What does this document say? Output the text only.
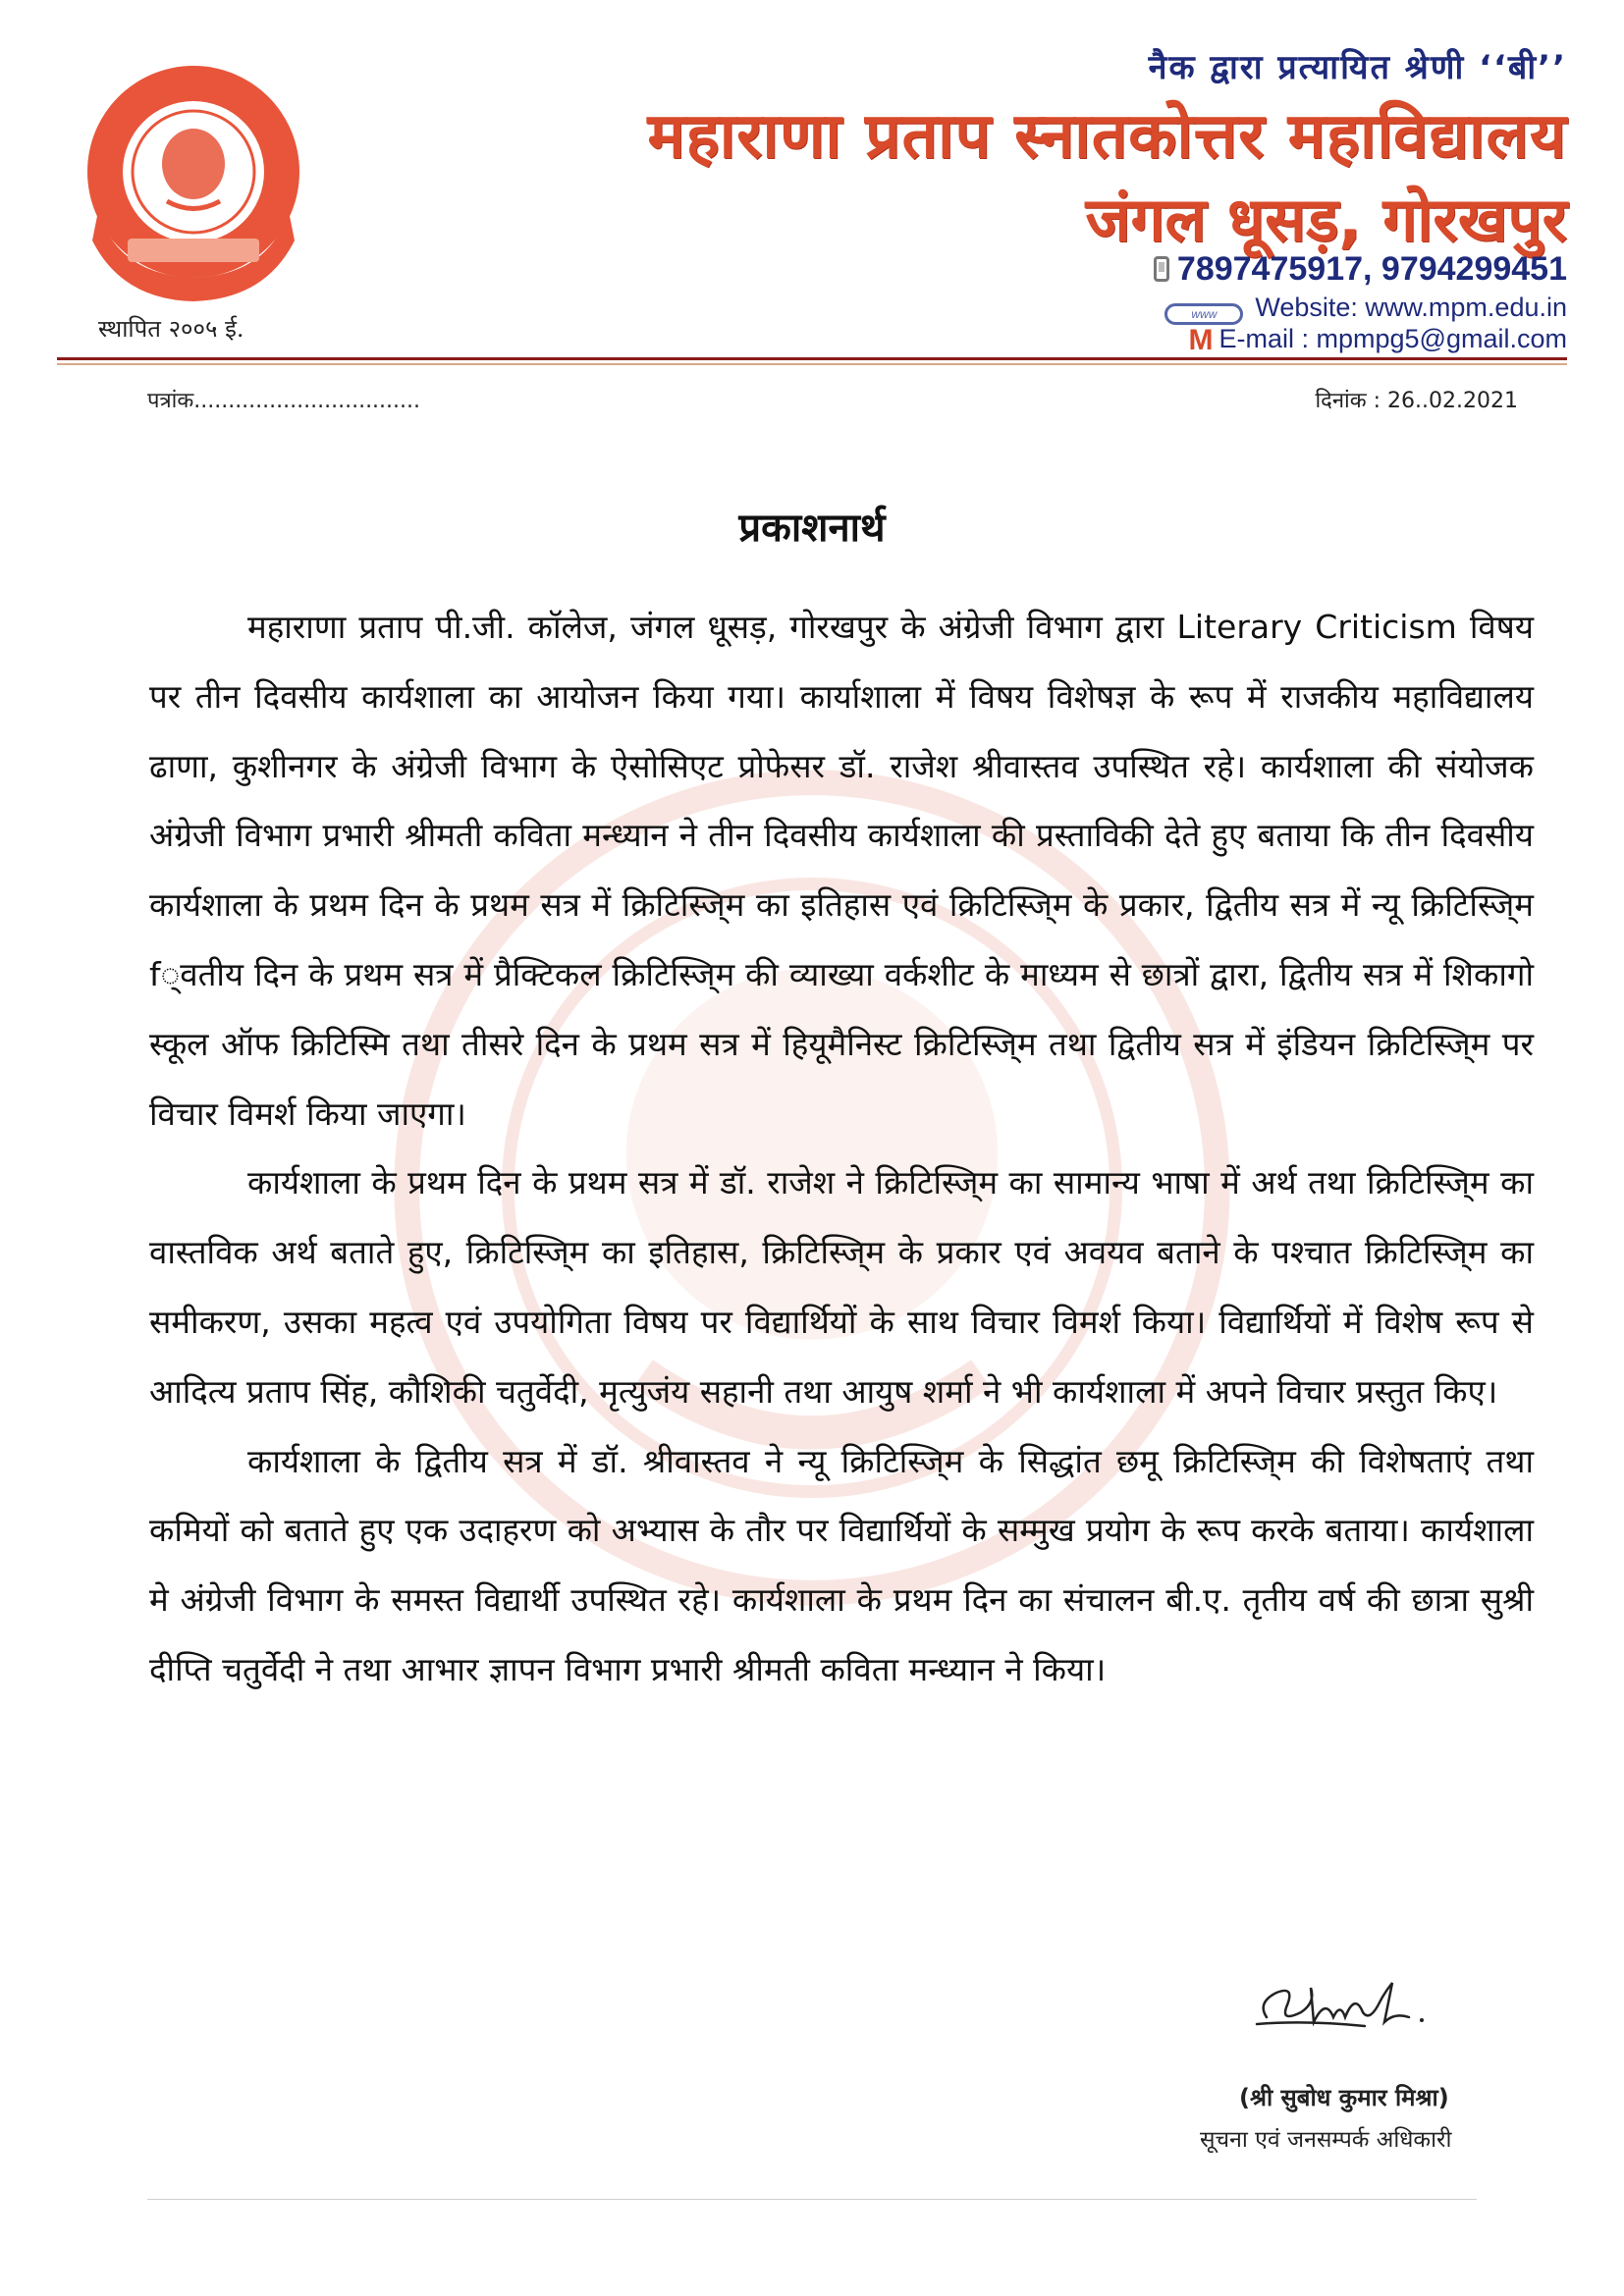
स्थापित २००५ ई.
नैक द्वारा प्रत्यायित श्रेणी ‘‘बी’’
महाराणा प्रताप स्नातकोत्तर महाविद्यालय
जंगल धूसड़, गोरखपुर
7897475917, 9794299451
www Website: www.mpm.edu.in
M E-mail : mpmpg5@gmail.com
पत्रांक.................................	दिनांक : 26..02.2021
प्रकाशनार्थ

महाराणा प्रताप पी.जी. कॉलेज, जंगल धूसड़, गोरखपुर के अंग्रेजी विभाग द्वारा Literary Criticism विषय पर तीन दिवसीय कार्यशाला का आयोजन किया गया। कार्याशाला में विषय विशेषज्ञ के रूप में राजकीय महाविद्यालय ढाणा, कुशीनगर के अंग्रेजी विभाग के ऐसोसिएट प्रोफेसर डॉ. राजेश श्रीवास्तव उपस्थित रहे। कार्यशाला की संयोजक अंग्रेजी विभाग प्रभारी श्रीमती कविता मन्ध्यान ने तीन दिवसीय कार्यशाला की प्रस्ताविकी देते हुए बताया कि तीन दिवसीय कार्यशाला के प्रथम दिन के प्रथम सत्र में क्रिटिस्जि्म का इतिहास एवं क्रिटिस्जि्म के प्रकार, द्वितीय सत्र में न्यू क्रिटिस्जि्म f्वतीय दिन के प्रथम सत्र में प्रैक्टिकल क्रिटिस्जि्म की व्याख्या वर्कशीट के माध्यम से छात्रों द्वारा, द्वितीय सत्र में शिकागो स्कूल ऑफ क्रिटिस्मि तथा तीसरे दिन के प्रथम सत्र में हियूमैनिस्ट क्रिटिस्जि्म तथा द्वितीय सत्र में इंडियन क्रिटिस्जि्म पर विचार विमर्श किया जाएगा।

कार्यशाला के प्रथम दिन के प्रथम सत्र में डॉ. राजेश ने क्रिटिस्जि्म का सामान्य भाषा में अर्थ तथा क्रिटिस्जि्म का वास्तविक अर्थ बताते हुए, क्रिटिस्जि्म का इतिहास, क्रिटिस्जि्म के प्रकार एवं अवयव बताने के पश्चात क्रिटिस्जि्म का समीकरण, उसका महत्व एवं उपयोगिता विषय पर विद्यार्थियों के साथ विचार विमर्श किया। विद्यार्थियों में विशेष रूप से आदित्य प्रताप सिंह, कौशिकी चतुर्वेदी, मृत्युजंय सहानी तथा आयुष शर्मा ने भी कार्यशाला में अपने विचार प्रस्तुत किए।

कार्यशाला के द्वितीय सत्र में डॉ. श्रीवास्तव ने न्यू क्रिटिस्जि्म के सिद्धांत छमू क्रिटिस्जि्म की विशेषताएं तथा कमियों को बताते हुए एक उदाहरण को अभ्यास के तौर पर विद्यार्थियों के सम्मुख प्रयोग के रूप करके बताया। कार्यशाला मे अंग्रेजी विभाग के समस्त विद्यार्थी उपस्थित रहे। कार्यशाला के प्रथम दिन का संचालन बी.ए. तृतीय वर्ष की छात्रा सुश्री दीप्ति चतुर्वेदी ने तथा आभार ज्ञापन विभाग प्रभारी श्रीमती कविता मन्ध्यान ने किया।

(श्री सुबोध कुमार मिश्रा)
सूचना एवं जनसम्पर्क अधिकारी
